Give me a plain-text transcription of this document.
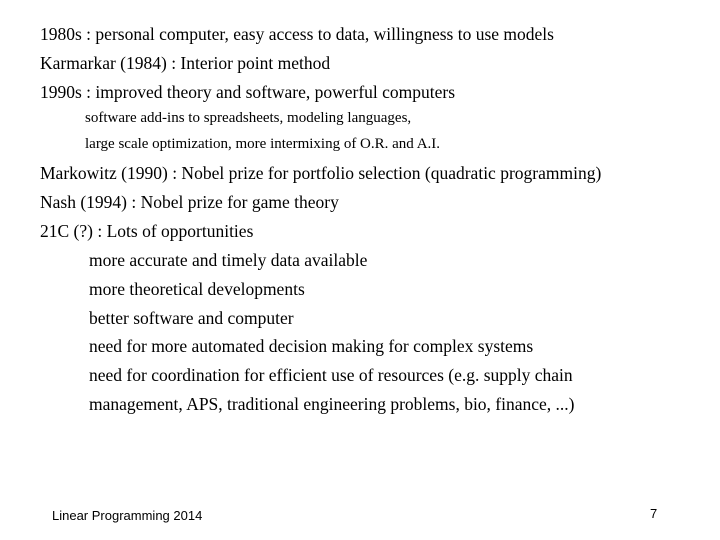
1980s : personal computer, easy access to data, willingness to use models
Karmarkar (1984) : Interior point method
1990s : improved theory and software, powerful computers
software add-ins to spreadsheets, modeling languages,
large scale optimization, more intermixing of O.R. and A.I.
Markowitz (1990) : Nobel prize for portfolio selection (quadratic programming)
Nash (1994) : Nobel prize for game theory
21C (?) : Lots of opportunities
more accurate and timely data available
more theoretical developments
better software and computer
need for more automated decision making for complex systems
need for coordination for efficient use of resources (e.g. supply chain
management, APS, traditional engineering problems, bio, finance, ...)
Linear Programming 2014	7
